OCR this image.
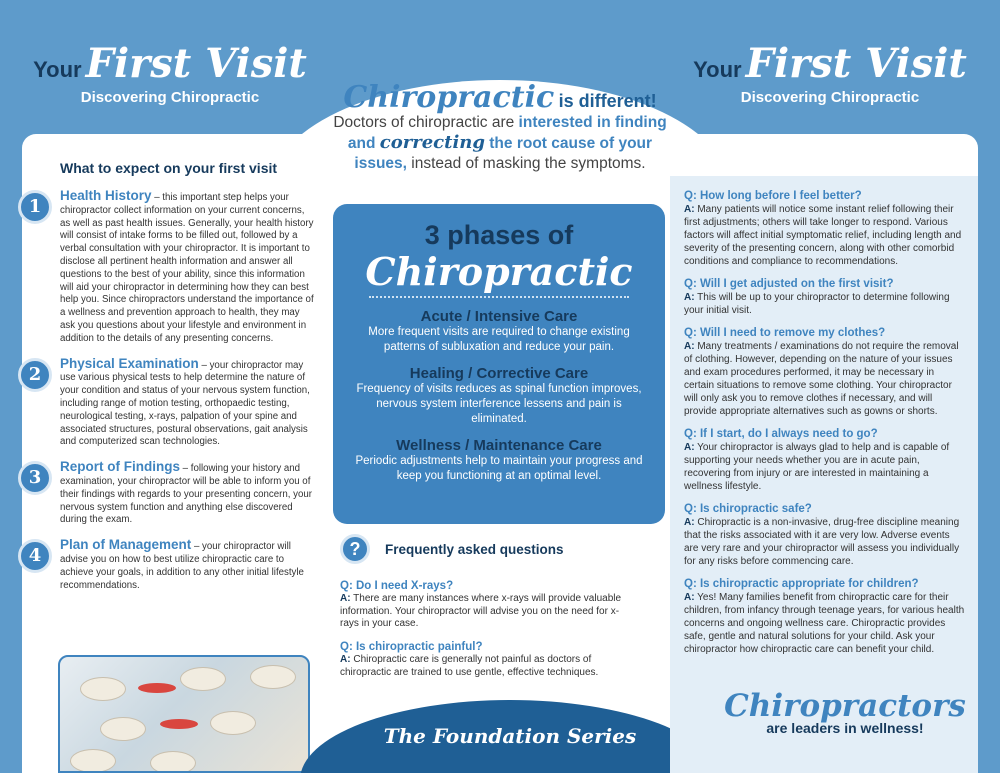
Your First Visit
Discovering Chiropractic
Your First Visit
Discovering Chiropractic
Chiropractic is different!
Doctors of chiropractic are interested in finding
and correcting the root cause of your
issues, instead of masking the symptoms.
What to expect on your first visit
1
Health History – this important step helps your chiropractor collect information on your current concerns, as well as past health issues. Generally, your health history will consist of intake forms to be filled out, followed by a verbal consultation with your chiropractor. It is important to disclose all pertinent health information and answer all questions to the best of your ability, since this information will aid your chiropractor in determining how they can best help you. Since chiropractors understand the importance of a wellness and prevention approach to health, they may ask you questions about your lifestyle and environment in addition to the details of any presenting concerns.
2
Physical Examination – your chiropractor may use various physical tests to help determine the nature of your condition and status of your nervous system function, including range of motion testing, orthopaedic testing, neurological testing, x-rays, palpation of your spine and associated structures, postural observations, gait analysis and computerized scan technologies.
3
Report of Findings – following your history and examination, your chiropractor will be able to inform you of their findings with regards to your presenting concern, your nervous system function and anything else discovered during the exam.
4
Plan of Management – your chiropractor will advise you on how to best utilize chiropractic care to achieve your goals, in addition to any other initial lifestyle recommendations.
3 phases of
Chiropractic
Acute / Intensive Care
More frequent visits are required to change existing patterns of subluxation and reduce your pain.
Healing / Corrective Care
Frequency of visits reduces as spinal function improves, nervous system interference lessens and pain is eliminated.
Wellness / Maintenance Care
Periodic adjustments help to maintain your progress and keep you functioning at an optimal level.
?	Frequently asked questions
Q: Do I need X-rays?
A: There are many instances where x-rays will provide valuable information. Your chiropractor will advise you on the need for x-rays in your case.
Q: Is chiropractic painful?
A: Chiropractic care is generally not painful as doctors of chiropractic are trained to use gentle, effective techniques.
The Foundation Series
Q: How long before I feel better?
A: Many patients will notice some instant relief following their first adjustments; others will take longer to respond. Various factors will affect initial symptomatic relief, including length and severity of the presenting concern, along with other comorbid conditions and compliance to recommendations.
Q: Will I get adjusted on the first visit?
A: This will be up to your chiropractor to determine following your initial visit.
Q: Will I need to remove my clothes?
A: Many treatments / examinations do not require the removal of clothing. However, depending on the nature of your issues and exam procedures performed, it may be necessary in certain situations to remove some clothing. Your chiropractor will only ask you to remove clothes if necessary, and will provide appropriate alternatives such as gowns or shorts.
Q: If I start, do I always need to go?
A: Your chiropractor is always glad to help and is capable of supporting your needs whether you are in acute pain, recovering from injury or are interested in maintaining a wellness lifestyle.
Q: Is chiropractic safe?
A: Chiropractic is a non-invasive, drug-free discipline meaning that the risks associated with it are very low. Adverse events are very rare and your chiropractor will assess you individually for any risks before commencing care.
Q: Is chiropractic appropriate for children?
A: Yes! Many families benefit from chiropractic care for their children, from infancy through teenage years, for various health concerns and ongoing wellness care. Chiropractic provides safe, gentle and natural solutions for your child. Ask your chiropractor how chiropractic care can benefit your child.
Chiropractors
are leaders in wellness!
